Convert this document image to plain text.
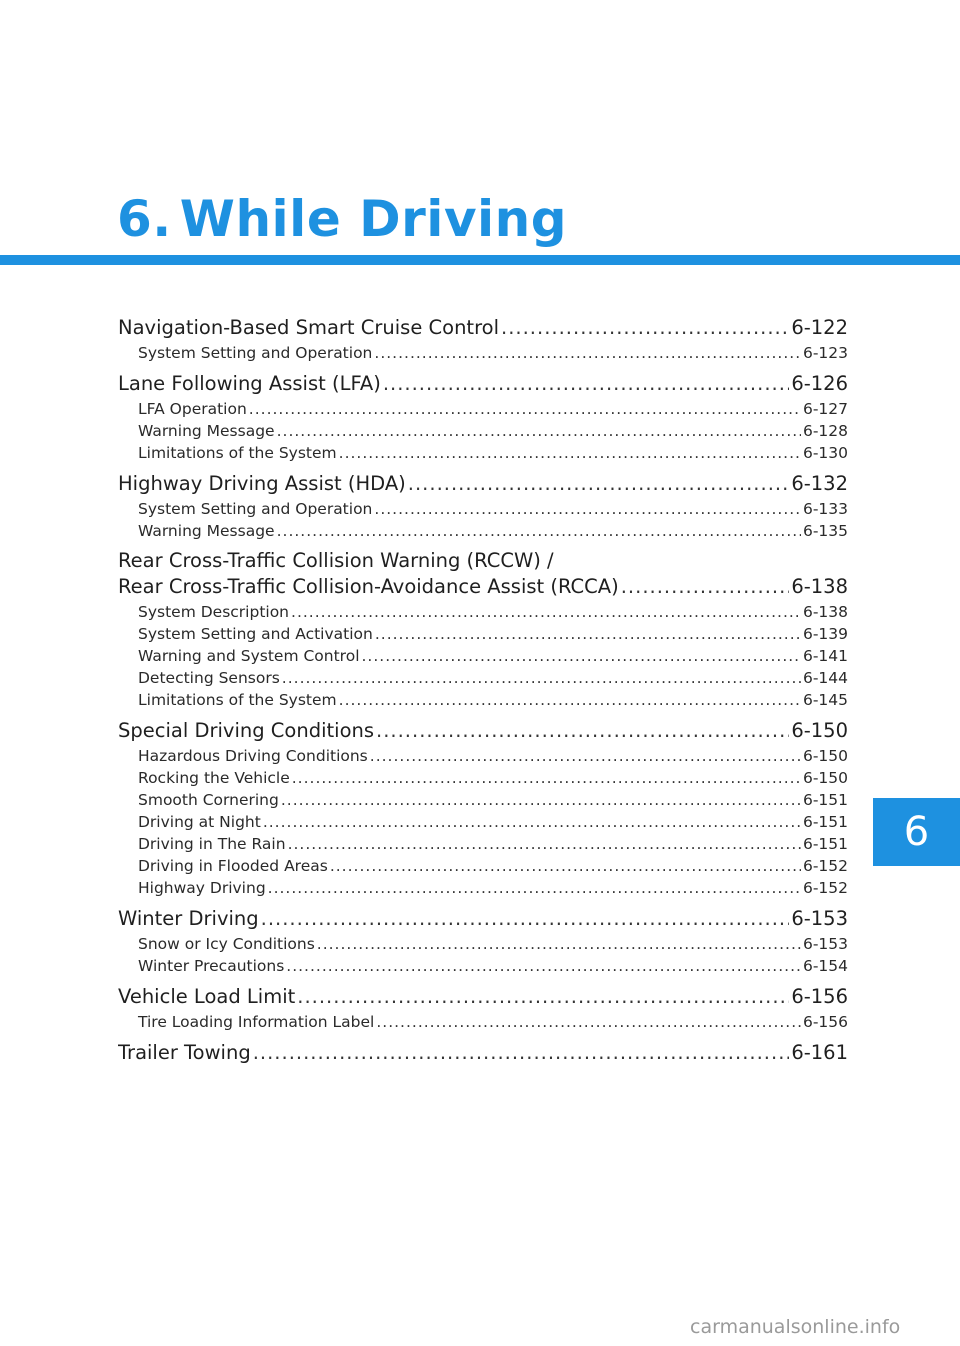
6. While Driving
Navigation-Based Smart Cruise Control .....	6-122
System Setting and Operation .....	6-123
Lane Following Assist (LFA) .....	6-126
LFA Operation .....	6-127
Warning Message .....	6-128
Limitations of the System .....	6-130
Highway Driving Assist (HDA) .....	6-132
System Setting and Operation .....	6-133
Warning Message .....	6-135
Rear Cross-Traffic Collision Warning (RCCW) /
Rear Cross-Traffic Collision-Avoidance Assist (RCCA) .....	6-138
System Description .....	6-138
System Setting and Activation .....	6-139
Warning and System Control .....	6-141
Detecting Sensors .....	6-144
Limitations of the System .....	6-145
Special Driving Conditions .....	6-150
Hazardous Driving Conditions .....	6-150
Rocking the Vehicle .....	6-150
Smooth Cornering .....	6-151
Driving at Night .....	6-151
Driving in The Rain .....	6-151
Driving in Flooded Areas .....	6-152
Highway Driving .....	6-152
Winter Driving .....	6-153
Snow or Icy Conditions .....	6-153
Winter Precautions .....	6-154
Vehicle Load Limit .....	6-156
Tire Loading Information Label .....	6-156
Trailer Towing .....	6-161
6
carmanualsonline.info
